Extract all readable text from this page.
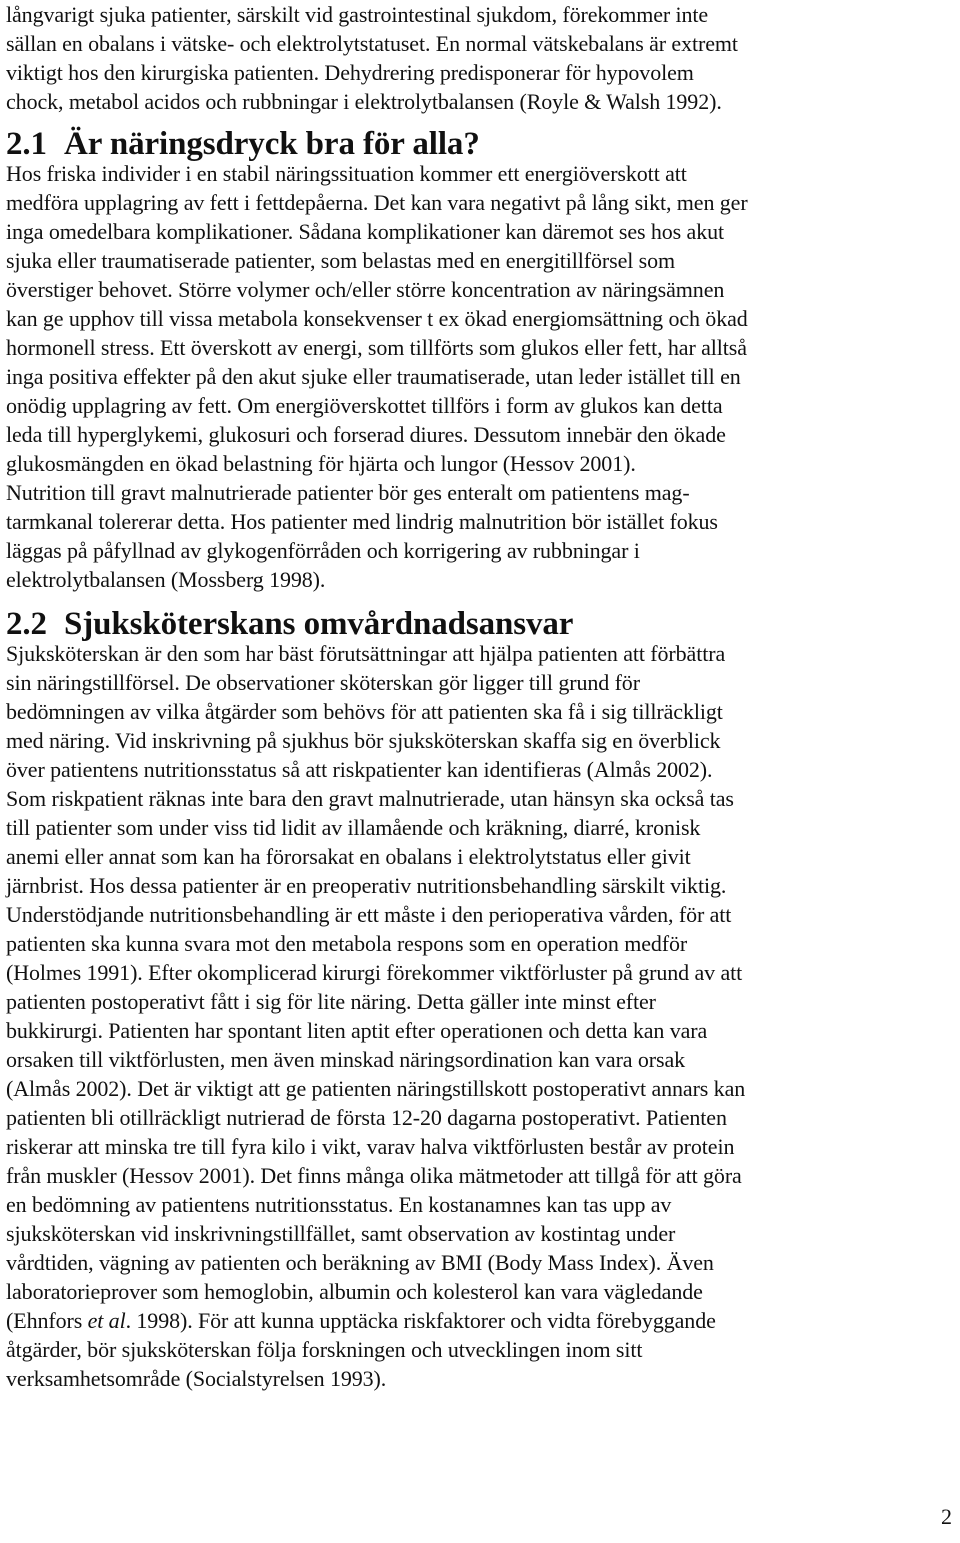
långvarigt sjuka patienter, särskilt vid gastrointestinal sjukdom, förekommer inte
sällan en obalans i vätske- och elektrolytstatuset. En normal vätskebalans är extremt
viktigt hos den kirurgiska patienten. Dehydrering predisponerar för hypovolem
chock, metabol acidos och rubbningar i elektrolytbalansen (Royle & Walsh 1992).

2.1 Är näringsdryck bra för alla?

Hos friska individer i en stabil näringssituation kommer ett energiöverskott att
medföra upplagring av fett i fettdepåerna. Det kan vara negativt på lång sikt, men ger
inga omedelbara komplikationer. Sådana komplikationer kan däremot ses hos akut
sjuka eller traumatiserade patienter, som belastas med en energitillförsel som
överstiger behovet. Större volymer och/eller större koncentration av näringsämnen
kan ge upphov till vissa metabola konsekvenser t ex ökad energiomsättning och ökad
hormonell stress. Ett överskott av energi, som tillförts som glukos eller fett, har alltså
inga positiva effekter på den akut sjuke eller traumatiserade, utan leder istället till en
onödig upplagring av fett. Om energiöverskottet tillförs i form av glukos kan detta
leda till hyperglykemi, glukosuri och forserad diures. Dessutom innebär den ökade
glukosmängden en ökad belastning för hjärta och lungor (Hessov 2001).
Nutrition till gravt malnutrierade patienter bör ges enteralt om patientens mag-
tarmkanal tolererar detta. Hos patienter med lindrig malnutrition bör istället fokus
läggas på påfyllnad av glykogenförråden och korrigering av rubbningar i
elektrolytbalansen (Mossberg 1998).

2.2 Sjuksköterskans omvårdnadsansvar

Sjuksköterskan är den som har bäst förutsättningar att hjälpa patienten att förbättra
sin näringstillförsel. De observationer sköterskan gör ligger till grund för
bedömningen av vilka åtgärder som behövs för att patienten ska få i sig tillräckligt
med näring. Vid inskrivning på sjukhus bör sjuksköterskan skaffa sig en överblick
över patientens nutritionsstatus så att riskpatienter kan identifieras (Almås 2002).
Som riskpatient räknas inte bara den gravt malnutrierade, utan hänsyn ska också tas
till patienter som under viss tid lidit av illamående och kräkning, diarré, kronisk
anemi eller annat som kan ha förorsakat en obalans i elektrolytstatus eller givit
järnbrist. Hos dessa patienter är en preoperativ nutritionsbehandling särskilt viktig.
Understödjande nutritionsbehandling är ett måste i den perioperativa vården, för att
patienten ska kunna svara mot den metabola respons som en operation medför
(Holmes 1991). Efter okomplicerad kirurgi förekommer viktförluster på grund av att
patienten postoperativt fått i sig för lite näring. Detta gäller inte minst efter
bukkirurgi. Patienten har spontant liten aptit efter operationen och detta kan vara
orsaken till viktförlusten, men även minskad näringsordination kan vara orsak
(Almås 2002). Det är viktigt att ge patienten näringstillskott postoperativt annars kan
patienten bli otillräckligt nutrierad de första 12-20 dagarna postoperativt. Patienten
riskerar att minska tre till fyra kilo i vikt, varav halva viktförlusten består av protein
från muskler (Hessov 2001). Det finns många olika mätmetoder att tillgå för att göra
en bedömning av patientens nutritionsstatus. En kostanamnes kan tas upp av
sjuksköterskan vid inskrivningstillfället, samt observation av kostintag under
vårdtiden, vägning av patienten och beräkning av BMI (Body Mass Index). Även
laboratorieprover som hemoglobin, albumin och kolesterol kan vara vägledande
(Ehnfors et al. 1998). För att kunna upptäcka riskfaktorer och vidta förebyggande
åtgärder, bör sjuksköterskan följa forskningen och utvecklingen inom sitt
verksamhetsområde (Socialstyrelsen 1993).

2
